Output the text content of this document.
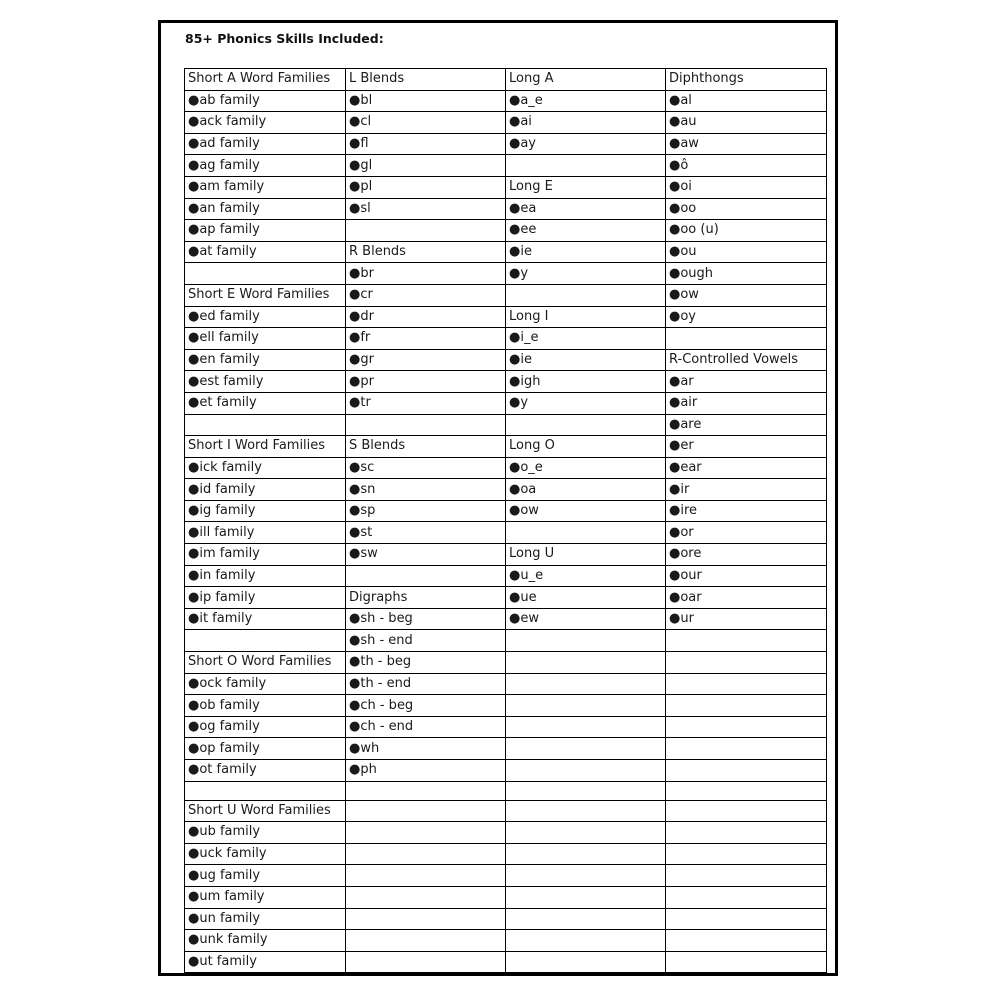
85+ Phonics Skills Included:
Short A Word Families	L Blends	Long A	Diphthongs
●ab family	●bl	●a_e	●al
●ack family	●cl	●ai	●au
●ad family	●fl	●ay	●aw
●ag family	●gl		●ô
●am family	●pl	Long E	●oi
●an family	●sl	●ea	●oo
●ap family		●ee	●oo (u)
●at family	R Blends	●ie	●ou
	●br	●y	●ough
Short E Word Families	●cr		●ow
●ed family	●dr	Long I	●oy
●ell family	●fr	●i_e	
●en family	●gr	●ie	R-Controlled Vowels
●est family	●pr	●igh	●ar
●et family	●tr	●y	●air
			●are
Short I Word Families	S Blends	Long O	●er
●ick family	●sc	●o_e	●ear
●id family	●sn	●oa	●ir
●ig family	●sp	●ow	●ire
●ill family	●st		●or
●im family	●sw	Long U	●ore
●in family		●u_e	●our
●ip family	Digraphs	●ue	●oar
●it family	●sh - beg	●ew	●ur
	●sh - end		
Short O Word Families	●th - beg		
●ock family	●th - end		
●ob family	●ch - beg		
●og family	●ch - end		
●op family	●wh		
●ot family	●ph		

Short U Word Families			
●ub family			
●uck family			
●ug family			
●um family			
●un family			
●unk family			
●ut family			
